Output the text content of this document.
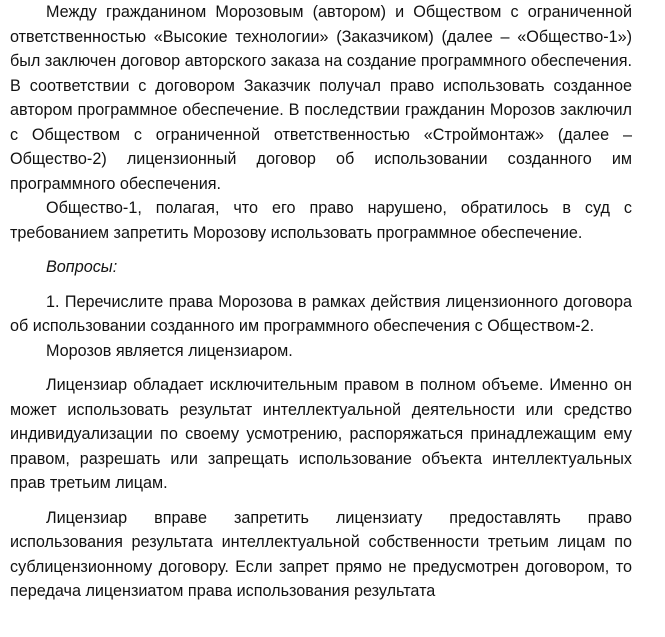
Между гражданином Морозовым (автором) и Обществом с ограниченной ответственностью «Высокие технологии» (Заказчиком) (далее – «Общество-1») был заключен договор авторского заказа на создание программного обеспечения. В соответствии с договором Заказчик получал право использовать созданное автором программное обеспечение. В последствии гражданин Морозов заключил с Обществом с ограниченной ответственностью «Строймонтаж» (далее – Общество-2) лицензионный договор об использовании созданного им программного обеспечения.

Общество-1, полагая, что его право нарушено, обратилось в суд с требованием запретить Морозову использовать программное обеспечение.

Вопросы:

1. Перечислите права Морозова в рамках действия лицензионного договора об использовании созданного им программного обеспечения с Обществом-2.

Морозов является лицензиаром.

Лицензиар обладает исключительным правом в полном объеме. Именно он может использовать результат интеллектуальной деятельности или средство индивидуализации по своему усмотрению, распоряжаться принадлежащим ему правом, разрешать или запрещать использование объекта интеллектуальных прав третьим лицам.

Лицензиар вправе запретить лицензиату предоставлять право использования результата интеллектуальной собственности третьим лицам по сублицензионному договору. Если запрет прямо не предусмотрен договором, то передача лицензиатом права использования результата
